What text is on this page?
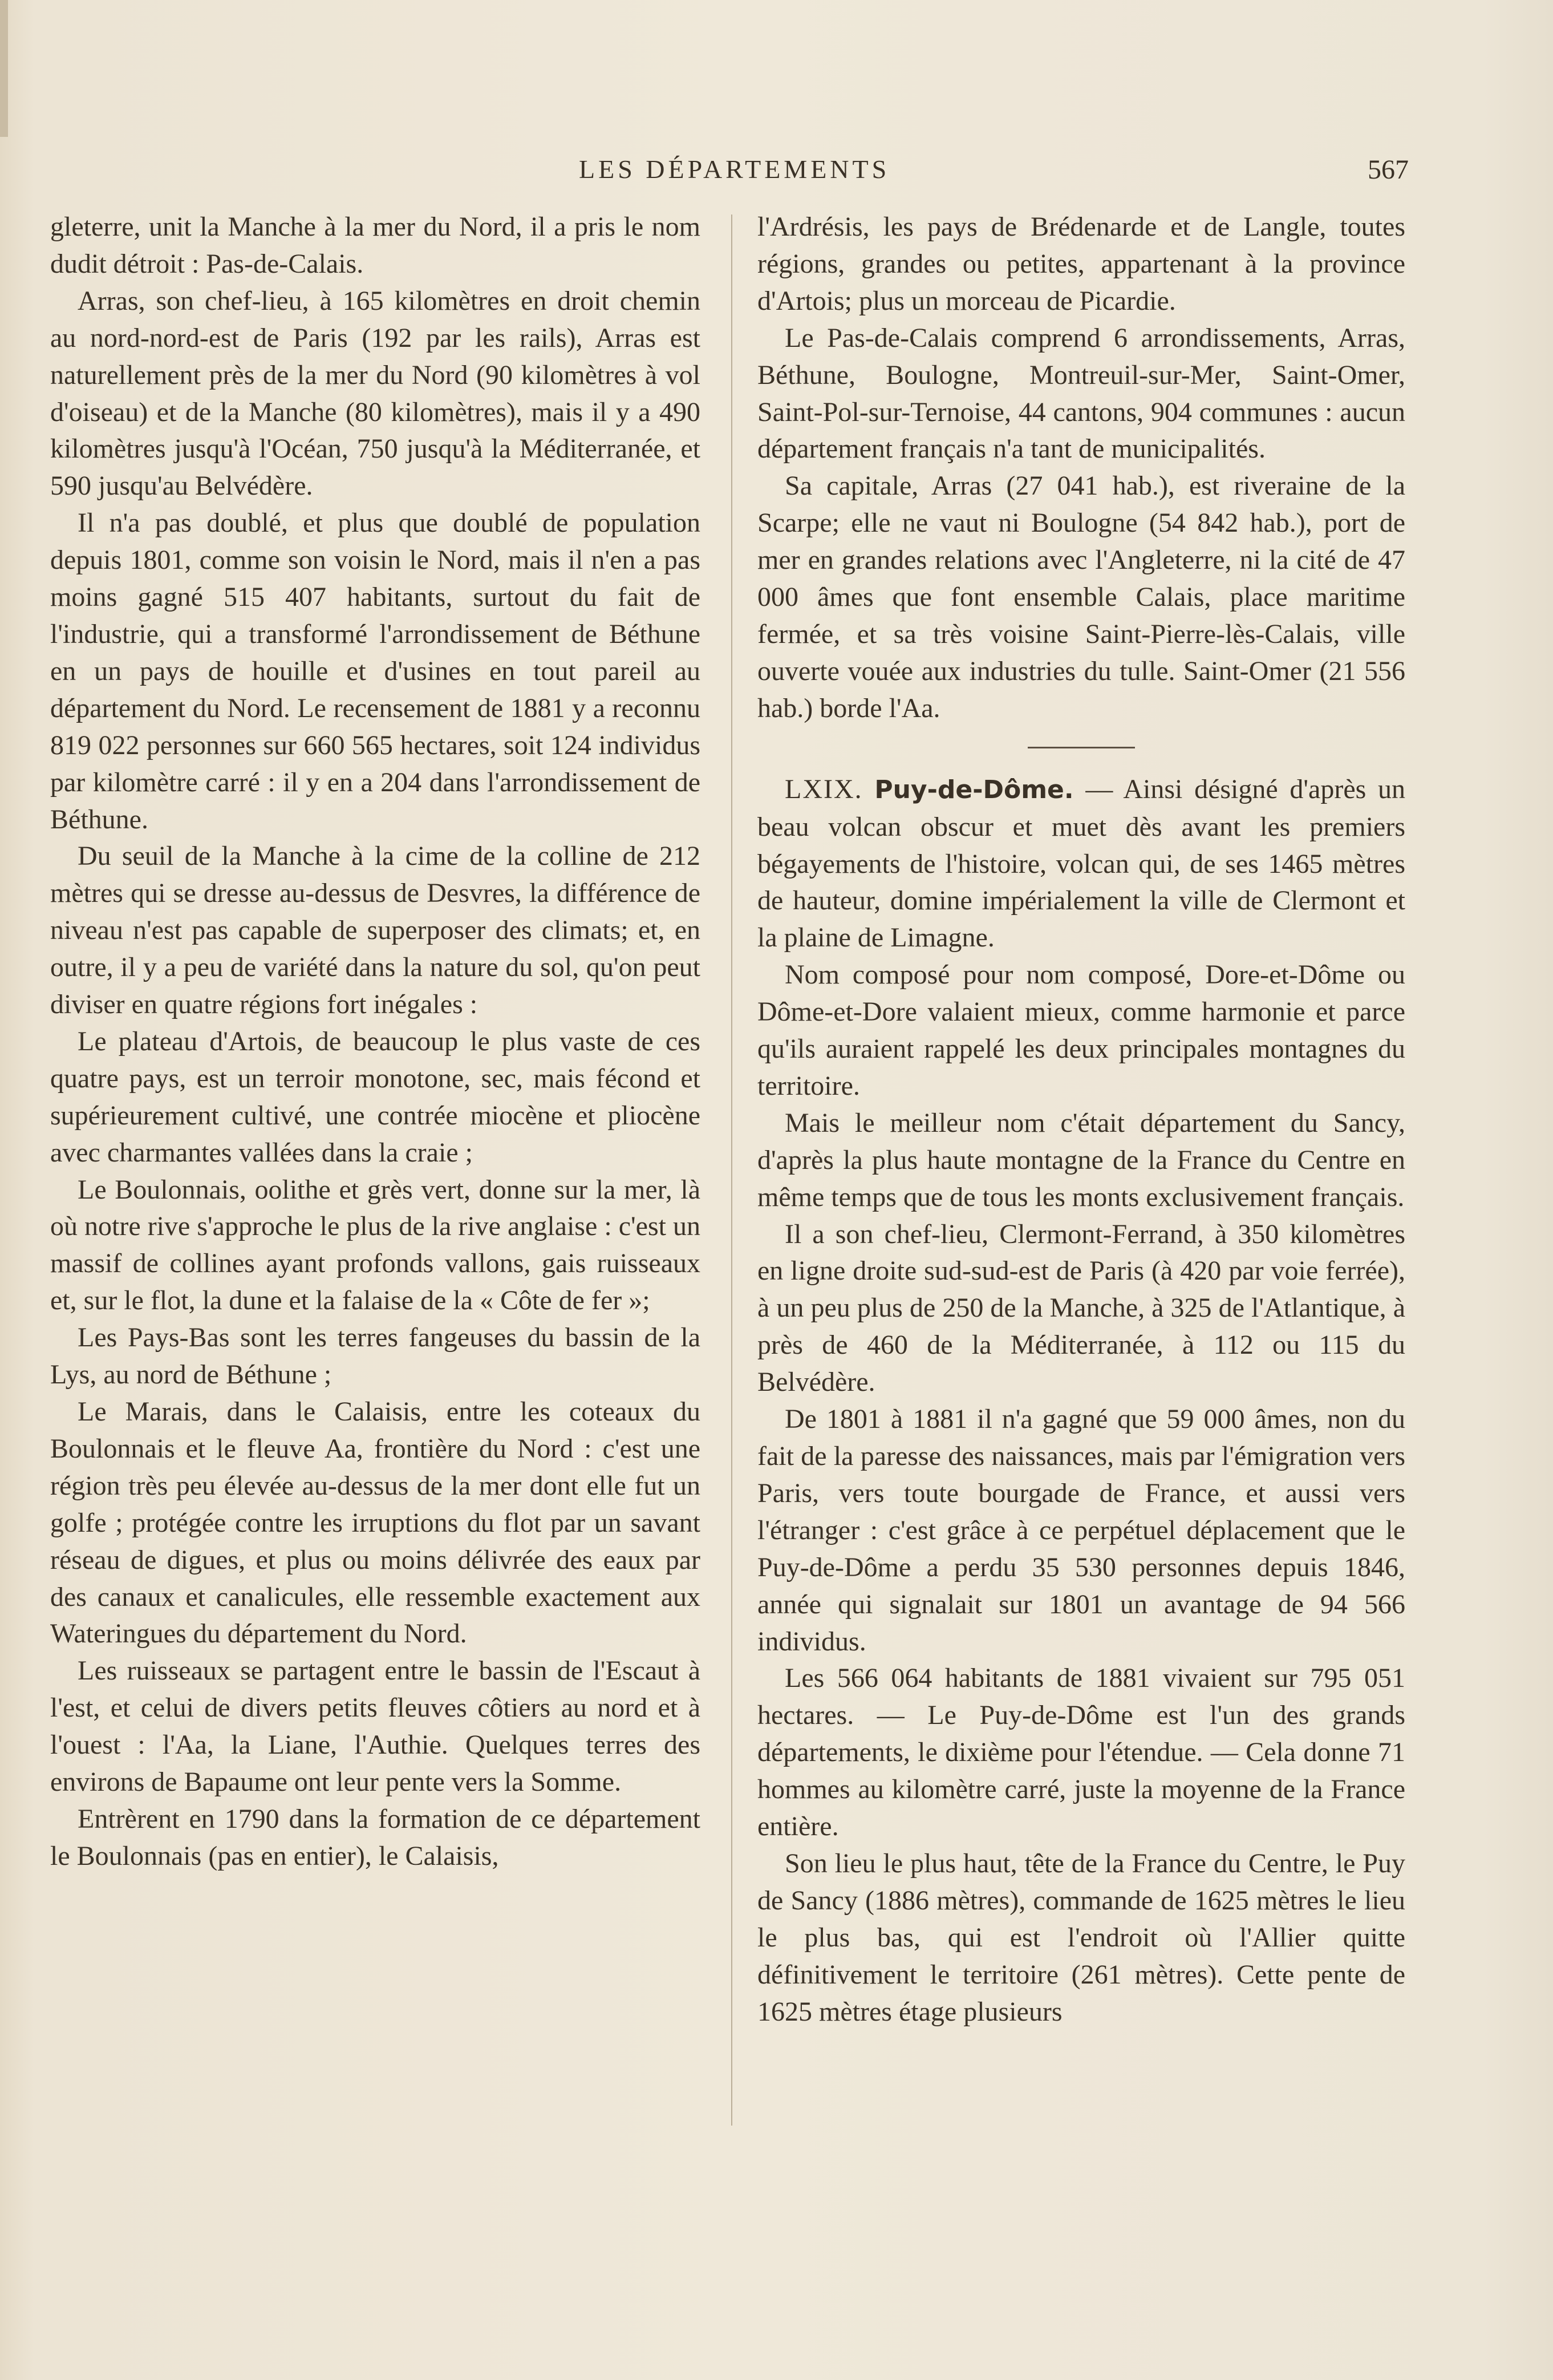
LES DÉPARTEMENTS	567

gleterre, unit la Manche à la mer du Nord, il a pris le nom dudit détroit : Pas-de-Calais.

Arras, son chef-lieu, à 165 kilomètres en droit chemin au nord-nord-est de Paris (192 par les rails), Arras est naturellement près de la mer du Nord (90 kilomètres à vol d'oiseau) et de la Manche (80 kilomètres), mais il y a 490 kilomètres jusqu'à l'Océan, 750 jusqu'à la Méditerranée, et 590 jusqu'au Belvédère.

Il n'a pas doublé, et plus que doublé de population depuis 1801, comme son voisin le Nord, mais il n'en a pas moins gagné 515 407 habitants, surtout du fait de l'industrie, qui a transformé l'arrondissement de Béthune en un pays de houille et d'usines en tout pareil au département du Nord. Le recensement de 1881 y a reconnu 819 022 personnes sur 660 565 hectares, soit 124 individus par kilomètre carré : il y en a 204 dans l'arrondissement de Béthune.

Du seuil de la Manche à la cime de la colline de 212 mètres qui se dresse au-dessus de Desvres, la différence de niveau n'est pas capable de superposer des climats; et, en outre, il y a peu de variété dans la nature du sol, qu'on peut diviser en quatre régions fort inégales :

Le plateau d'Artois, de beaucoup le plus vaste de ces quatre pays, est un terroir monotone, sec, mais fécond et supérieurement cultivé, une contrée miocène et pliocène avec charmantes vallées dans la craie ;

Le Boulonnais, oolithe et grès vert, donne sur la mer, là où notre rive s'approche le plus de la rive anglaise : c'est un massif de collines ayant profonds vallons, gais ruisseaux et, sur le flot, la dune et la falaise de la « Côte de fer »;

Les Pays-Bas sont les terres fangeuses du bassin de la Lys, au nord de Béthune ;

Le Marais, dans le Calaisis, entre les coteaux du Boulonnais et le fleuve Aa, frontière du Nord : c'est une région très peu élevée au-dessus de la mer dont elle fut un golfe ; protégée contre les irruptions du flot par un savant réseau de digues, et plus ou moins délivrée des eaux par des canaux et canalicules, elle ressemble exactement aux Wateringues du département du Nord.

Les ruisseaux se partagent entre le bassin de l'Escaut à l'est, et celui de divers petits fleuves côtiers au nord et à l'ouest : l'Aa, la Liane, l'Authie. Quelques terres des environs de Bapaume ont leur pente vers la Somme.

Entrèrent en 1790 dans la formation de ce département le Boulonnais (pas en entier), le Calaisis,

l'Ardrésis, les pays de Brédenarde et de Langle, toutes régions, grandes ou petites, appartenant à la province d'Artois; plus un morceau de Picardie.

Le Pas-de-Calais comprend 6 arrondissements, Arras, Béthune, Boulogne, Montreuil-sur-Mer, Saint-Omer, Saint-Pol-sur-Ternoise, 44 cantons, 904 communes : aucun département français n'a tant de municipalités.

Sa capitale, Arras (27 041 hab.), est riveraine de la Scarpe; elle ne vaut ni Boulogne (54 842 hab.), port de mer en grandes relations avec l'Angleterre, ni la cité de 47 000 âmes que font ensemble Calais, place maritime fermée, et sa très voisine Saint-Pierre-lès-Calais, ville ouverte vouée aux industries du tulle. Saint-Omer (21 556 hab.) borde l'Aa.

LXIX. Puy-de-Dôme. — Ainsi désigné d'après un beau volcan obscur et muet dès avant les premiers bégayements de l'histoire, volcan qui, de ses 1465 mètres de hauteur, domine impérialement la ville de Clermont et la plaine de Limagne.

Nom composé pour nom composé, Dore-et-Dôme ou Dôme-et-Dore valaient mieux, comme harmonie et parce qu'ils auraient rappelé les deux principales montagnes du territoire.

Mais le meilleur nom c'était département du Sancy, d'après la plus haute montagne de la France du Centre en même temps que de tous les monts exclusivement français.

Il a son chef-lieu, Clermont-Ferrand, à 350 kilomètres en ligne droite sud-sud-est de Paris (à 420 par voie ferrée), à un peu plus de 250 de la Manche, à 325 de l'Atlantique, à près de 460 de la Méditerranée, à 112 ou 115 du Belvédère.

De 1801 à 1881 il n'a gagné que 59 000 âmes, non du fait de la paresse des naissances, mais par l'émigration vers Paris, vers toute bourgade de France, et aussi vers l'étranger : c'est grâce à ce perpétuel déplacement que le Puy-de-Dôme a perdu 35 530 personnes depuis 1846, année qui signalait sur 1801 un avantage de 94 566 individus.

Les 566 064 habitants de 1881 vivaient sur 795 051 hectares. — Le Puy-de-Dôme est l'un des grands départements, le dixième pour l'étendue. — Cela donne 71 hommes au kilomètre carré, juste la moyenne de la France entière.

Son lieu le plus haut, tête de la France du Centre, le Puy de Sancy (1886 mètres), commande de 1625 mètres le lieu le plus bas, qui est l'endroit où l'Allier quitte définitivement le territoire (261 mètres). Cette pente de 1625 mètres étage plusieurs
